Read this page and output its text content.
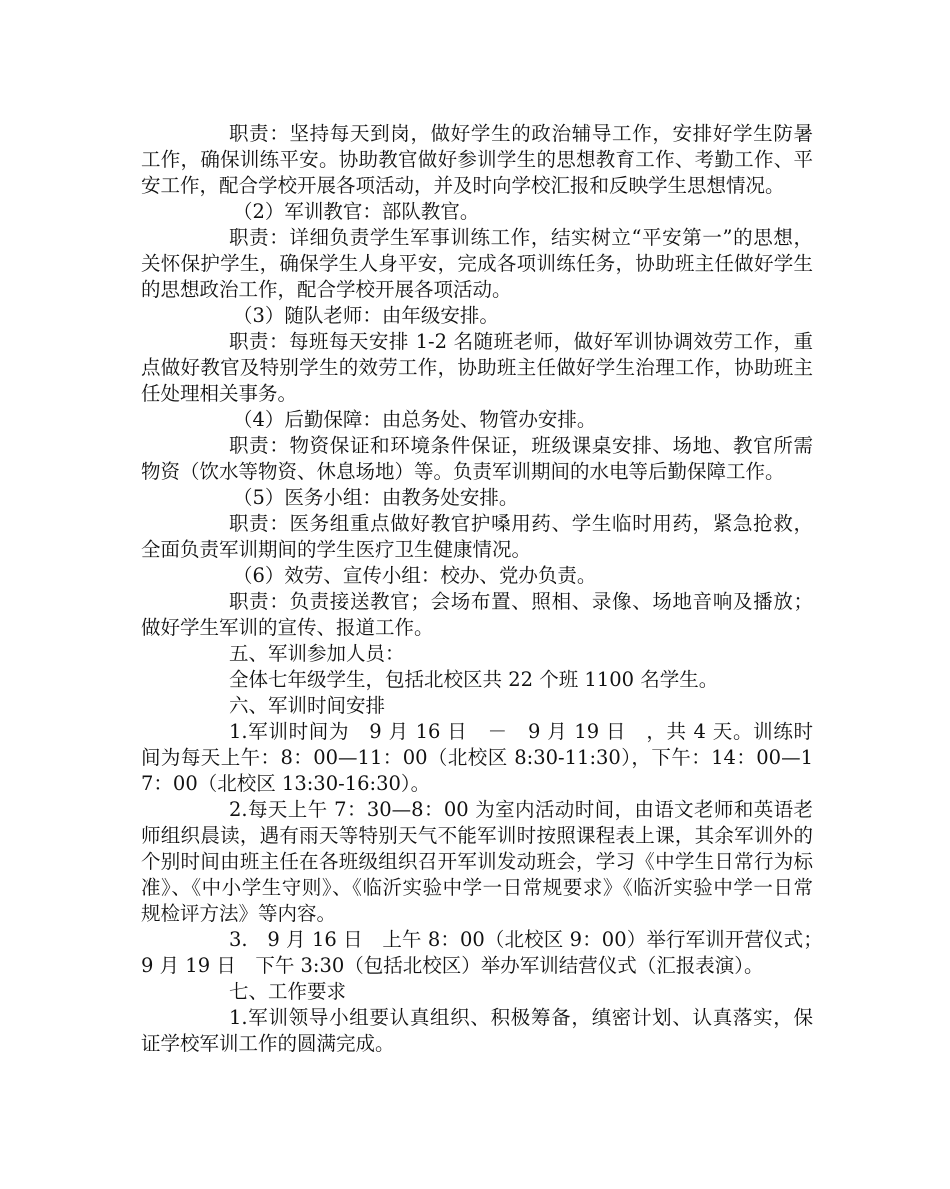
职责：坚持每天到岗，做好学生的政治辅导工作，安排好学生防暑工作，确保训练平安。协助教官做好参训学生的思想教育工作、考勤工作、平安工作，配合学校开展各项活动，并及时向学校汇报和反映学生思想情况。

（2）军训教官：部队教官。

职责：详细负责学生军事训练工作，结实树立“平安第一”的思想，关怀保护学生，确保学生人身平安，完成各项训练任务，协助班主任做好学生的思想政治工作，配合学校开展各项活动。

（3）随队老师：由年级安排。

职责：每班每天安排 1-2 名随班老师，做好军训协调效劳工作，重点做好教官及特别学生的效劳工作，协助班主任做好学生治理工作，协助班主任处理相关事务。

（4）后勤保障：由总务处、物管办安排。

职责：物资保证和环境条件保证，班级课桌安排、场地、教官所需物资（饮水等物资、休息场地）等。负责军训期间的水电等后勤保障工作。

（5）医务小组：由教务处安排。

职责：医务组重点做好教官护嗓用药、学生临时用药，紧急抢救，全面负责军训期间的学生医疗卫生健康情况。

（6）效劳、宣传小组：校办、党办负责。

职责：负责接送教官；会场布置、照相、录像、场地音响及播放；做好学生军训的宣传、报道工作。

五、军训参加人员：

全体七年级学生，包括北校区共 22 个班 1100 名学生。

六、军训时间安排

1.军训时间为　9 月 16 日　－　9 月 19 日　，共 4 天。训练时间为每天上午：8：00—11：00（北校区 8:30-11:30），下午：14：00—17：00（北校区 13:30-16:30）。

2.每天上午 7：30—8：00 为室内活动时间，由语文老师和英语老师组织晨读，遇有雨天等特别天气不能军训时按照课程表上课，其余军训外的个别时间由班主任在各班级组织召开军训发动班会，学习《中学生日常行为标准》、《中小学生守则》、《临沂实验中学一日常规要求》《临沂实验中学一日常规检评方法》等内容。

3.　9 月 16 日　上午 8：00（北校区 9：00）举行军训开营仪式；　9 月 19 日　下午 3:30（包括北校区）举办军训结营仪式（汇报表演）。

七、工作要求

1.军训领导小组要认真组织、积极筹备，缜密计划、认真落实，保证学校军训工作的圆满完成。
